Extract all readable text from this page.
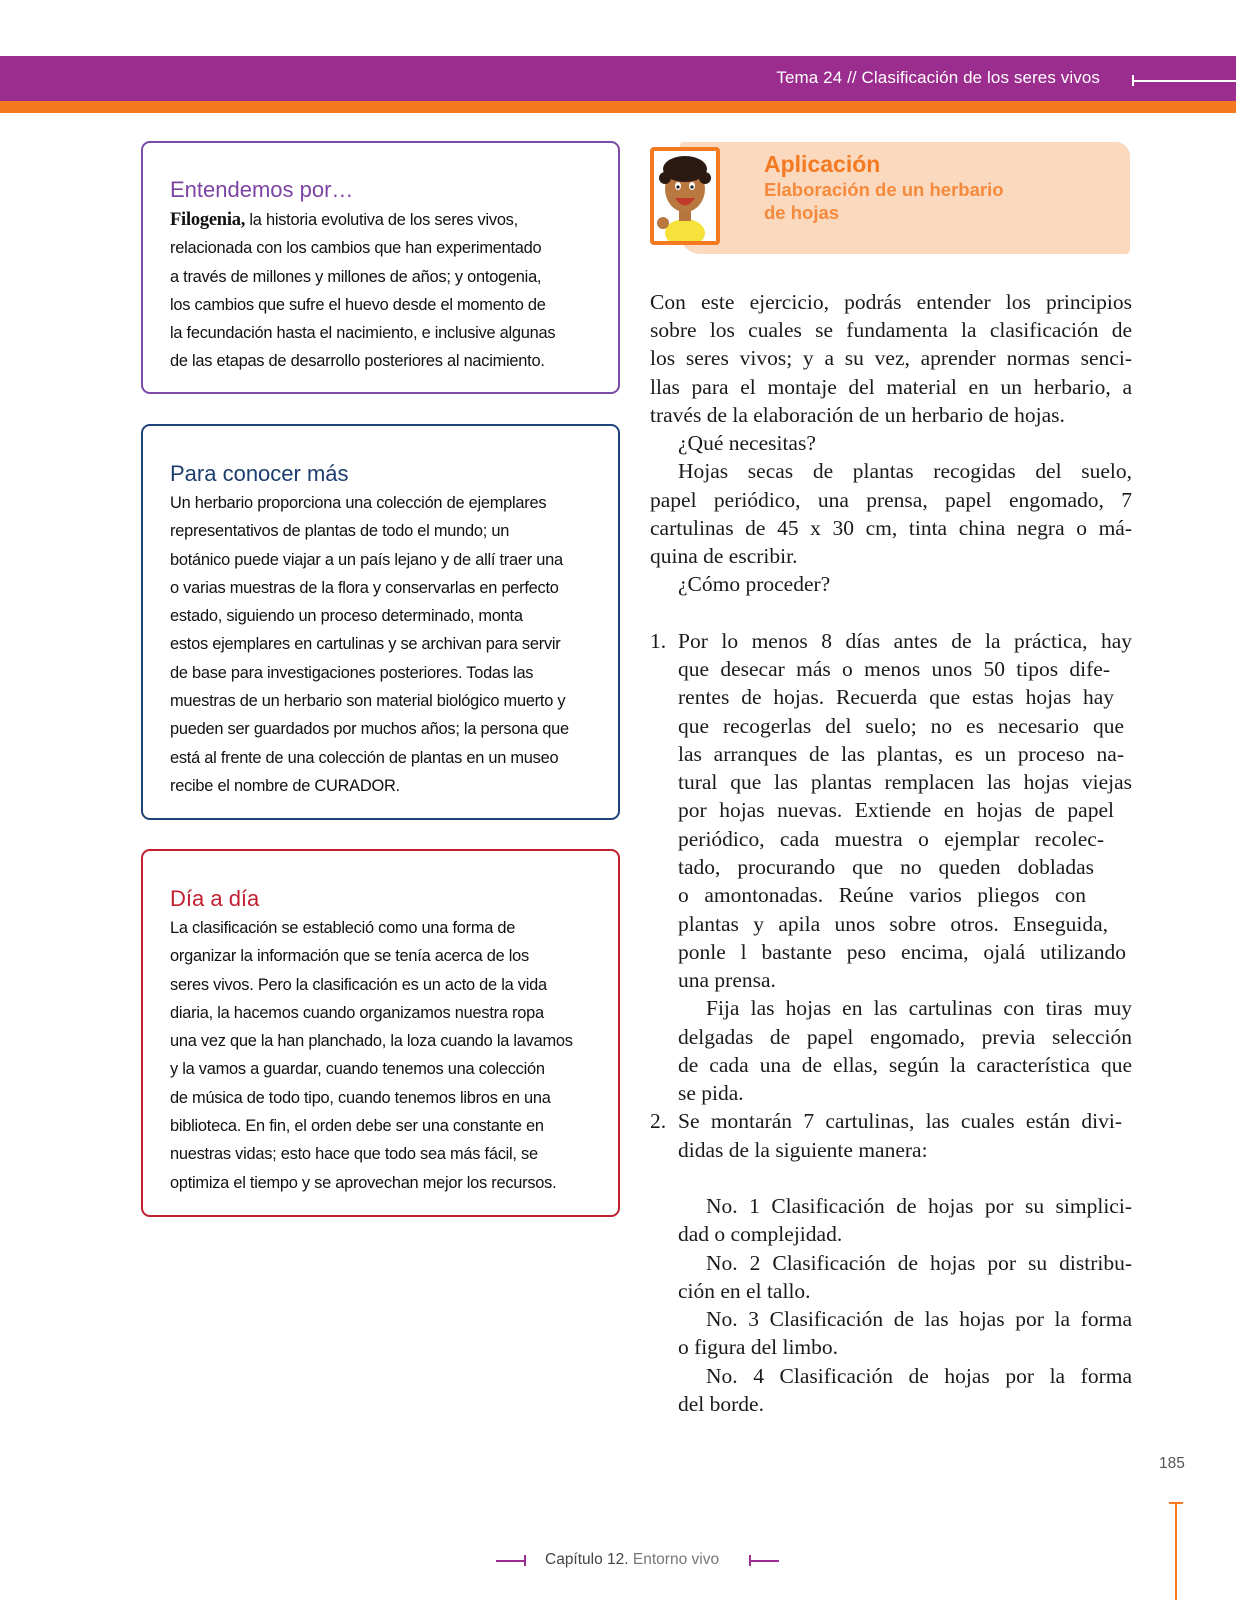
Tema 24 // Clasificación de los seres vivos
Entendemos por…

Filogenia, la historia evolutiva de los seres vivos,
relacionada con los cambios que han experimentado
a través de millones y millones de años; y ontogenia,
los cambios que sufre el huevo desde el momento de
la fecundación hasta el nacimiento, e inclusive algunas
de las etapas de desarrollo posteriores al nacimiento.

Para conocer más

Un herbario proporciona una colección de ejemplares
representativos de plantas de todo el mundo; un
botánico puede viajar a un país lejano y de allí traer una
o varias muestras de la flora y conservarlas en perfecto
estado, siguiendo un proceso determinado, monta
estos ejemplares en cartulinas y se archivan para servir
de base para investigaciones posteriores. Todas las
muestras de un herbario son material biológico muerto y
pueden ser guardados por muchos años; la persona que
está al frente de una colección de plantas en un museo
recibe el nombre de CURADOR.

Día a día

La clasificación se estableció como una forma de
organizar la información que se tenía acerca de los
seres vivos. Pero la clasificación es un acto de la vida
diaria, la hacemos cuando organizamos nuestra ropa
una vez que la han planchado, la loza cuando la lavamos
y la vamos a guardar, cuando tenemos una colección
de música de todo tipo, cuando tenemos libros en una
biblioteca. En fin, el orden debe ser una constante en
nuestras vidas; esto hace que todo sea más fácil, se
optimiza el tiempo y se aprovechan mejor los recursos.

Aplicación
Elaboración de un herbario
de hojas

Con este ejercicio, podrás entender los principios

sobre los cuales se fundamenta la clasificación de

los seres vivos; y a su vez, aprender normas senci-

llas para el montaje del material en un herbario, a

través de la elaboración de un herbario de hojas.

¿Qué necesitas?

Hojas secas de plantas recogidas del suelo,

papel periódico, una prensa, papel engomado, 7

cartulinas de 45 x 30 cm, tinta china negra o má-

quina de escribir.

¿Cómo proceder?

1. Por lo menos 8 días antes de la práctica, hay

que desecar más o menos unos 50 tipos dife-

rentes de hojas. Recuerda que estas hojas hay

que recogerlas del suelo; no es necesario que

las arranques de las plantas, es un proceso na-

tural que las plantas remplacen las hojas viejas

por hojas nuevas. Extiende en hojas de papel

periódico, cada muestra o ejemplar recolec-

tado, procurando que no queden dobladas

o amontonadas. Reúne varios pliegos con

plantas y apila unos sobre otros. Enseguida,

ponle l bastante peso encima, ojalá utilizando

una prensa.

Fija las hojas en las cartulinas con tiras muy

delgadas de papel engomado, previa selección

de cada una de ellas, según la característica que

se pida.

2. Se montarán 7 cartulinas, las cuales están divi-

didas de la siguiente manera:

No. 1 Clasificación de hojas por su simplici-

dad o complejidad.

No. 2 Clasificación de hojas por su distribu-

ción en el tallo.

No. 3 Clasificación de las hojas por la forma

o figura del limbo.

No. 4 Clasificación de hojas por la forma

del borde.

185
Capítulo 12. Entorno vivo
